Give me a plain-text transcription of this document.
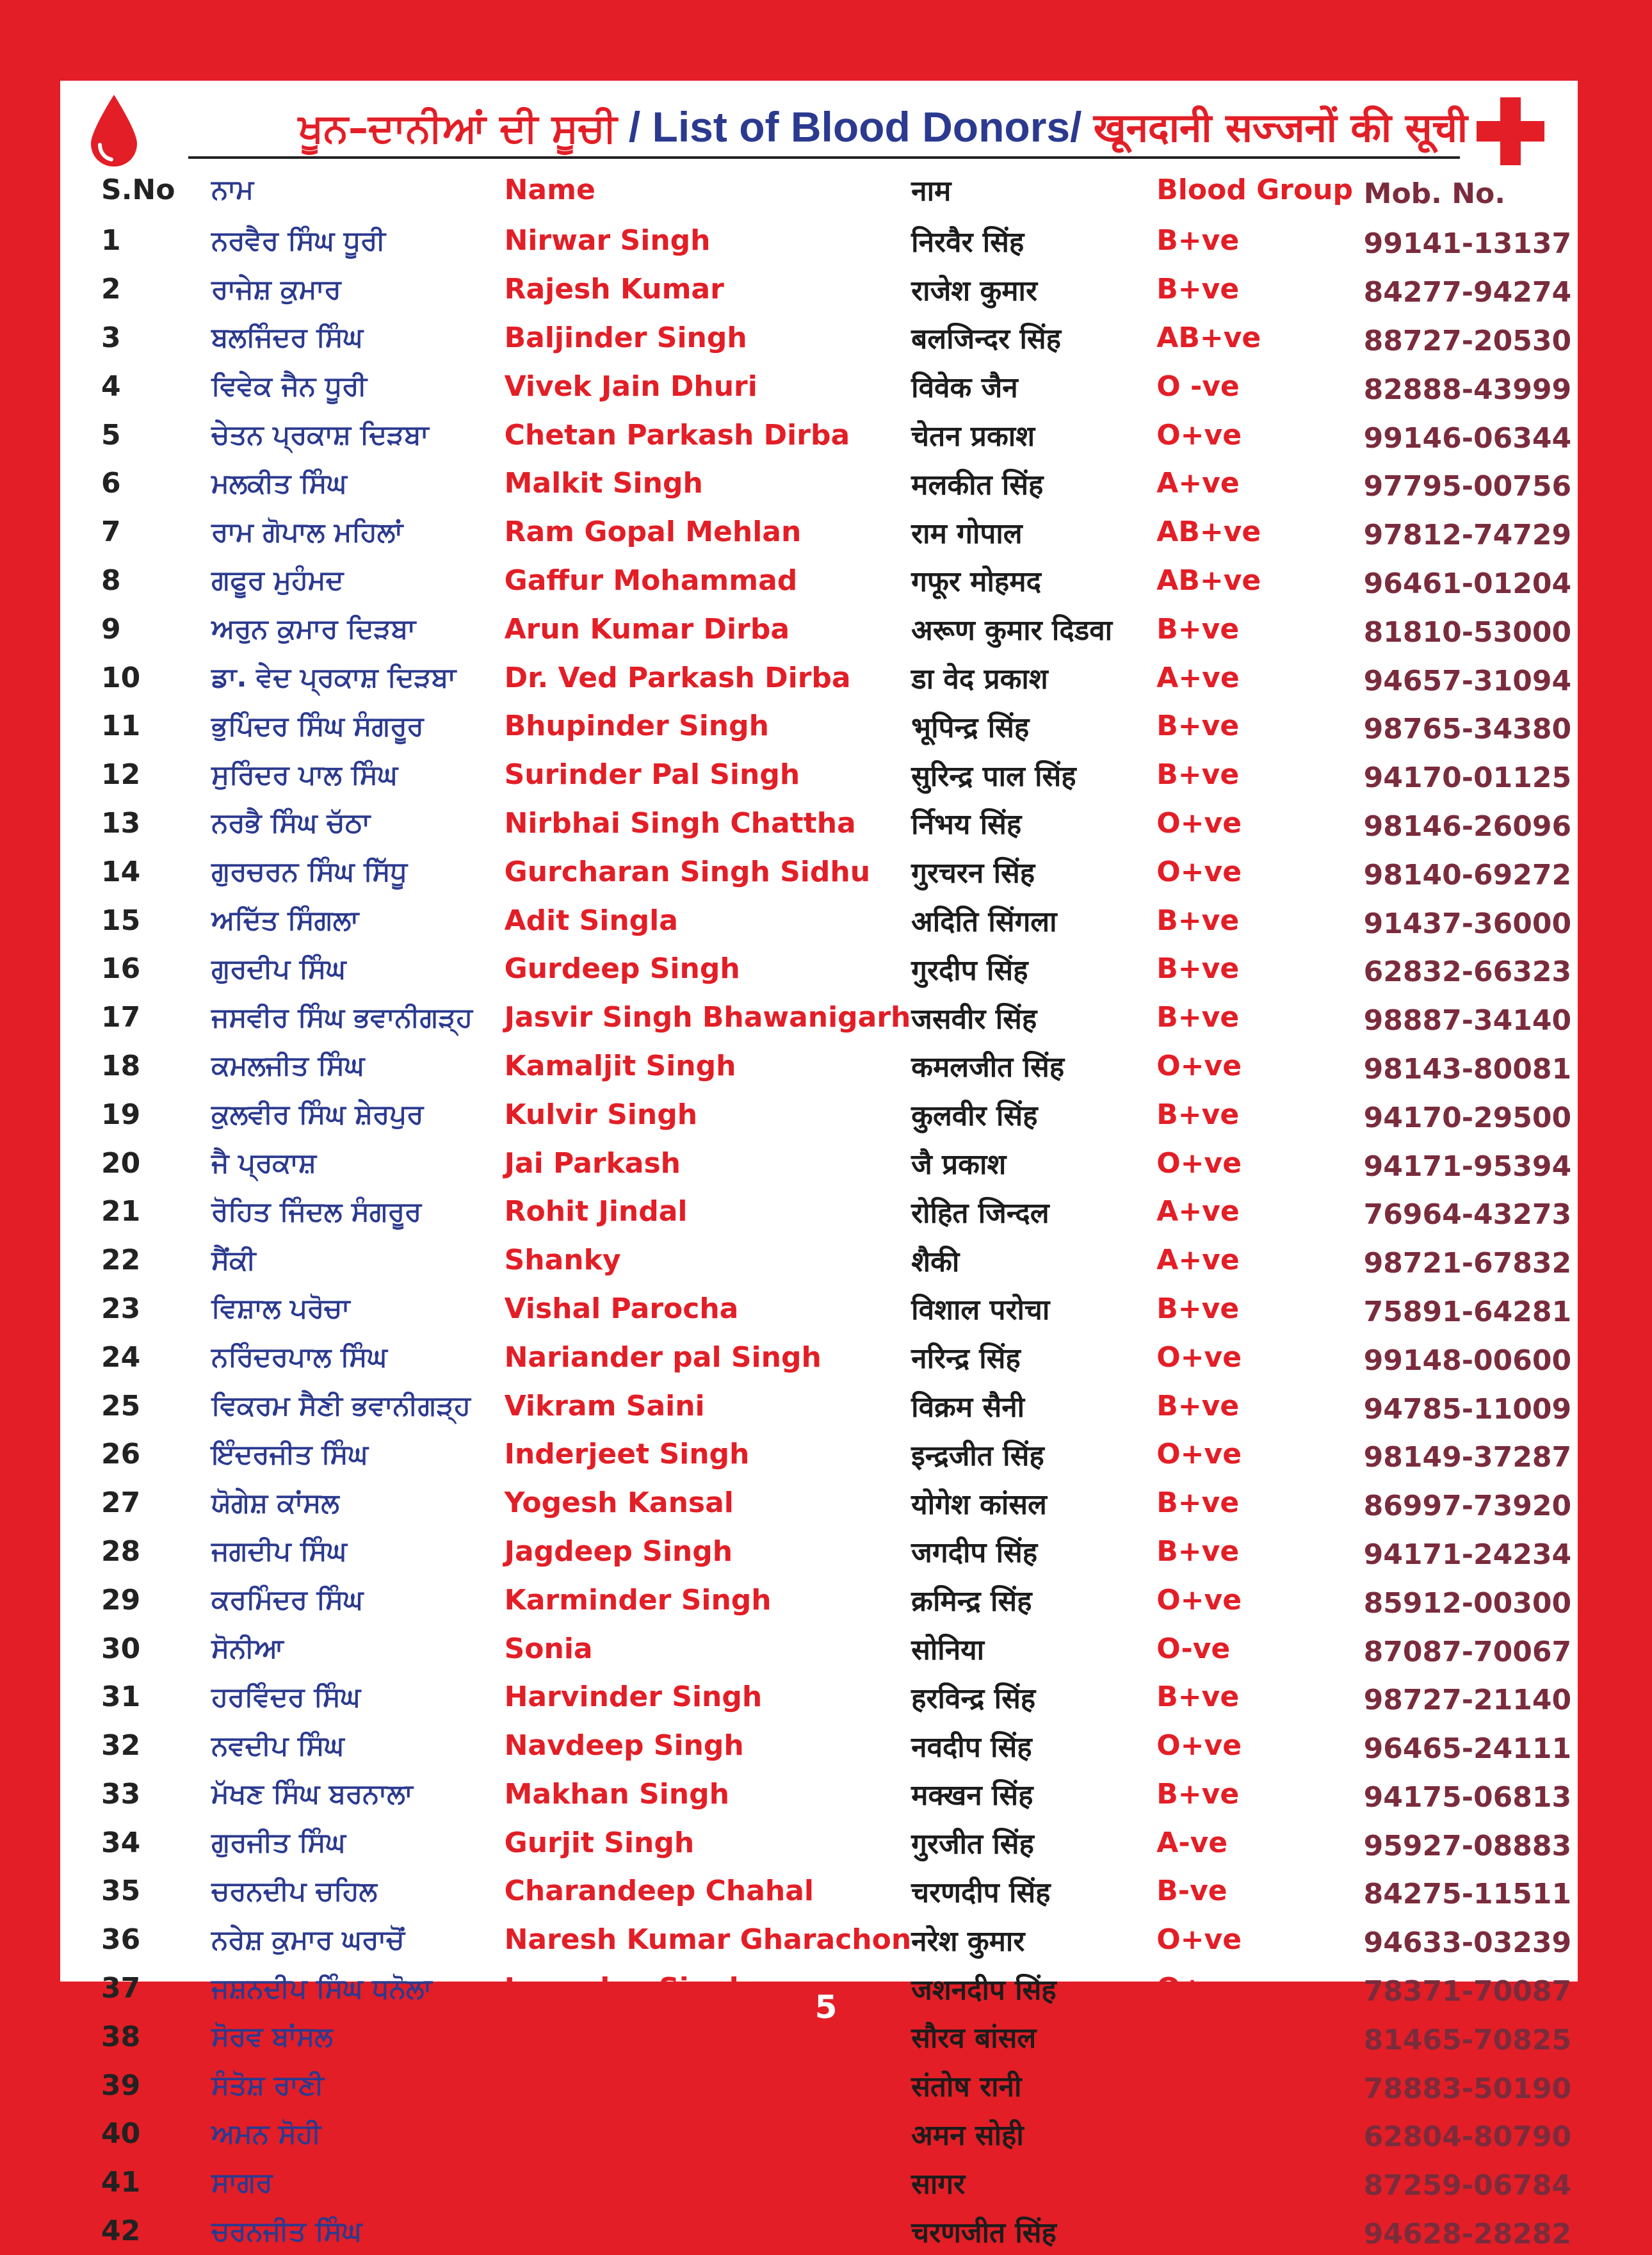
ਖੂਨ–ਦਾਨੀਆਂ ਦੀ ਸੂਚੀ / List of Blood Donors/ खूनदानी सज्जनों की सूची
S.No	ਨਾਮ	Name	नाम	Blood Group	Mob. No.
1	ਨਰਵੈਰ ਸਿੰਘ ਧੂਰੀ	Nirwar Singh	निरवैर सिंह	B+ve	99141-13137
2	ਰਾਜੇਸ਼ ਕੁਮਾਰ	Rajesh Kumar	राजेश कुमार	B+ve	84277-94274
3	ਬਲਜਿੰਦਰ ਸਿੰਘ	Baljinder Singh	बलजिन्दर सिंह	AB+ve	88727-20530
4	ਵਿਵੇਕ ਜੈਨ ਧੂਰੀ	Vivek Jain Dhuri	विवेक जैन	O -ve	82888-43999
5	ਚੇਤਨ ਪ੍ਰਕਾਸ਼ ਦਿੜਬਾ	Chetan Parkash Dirba	चेतन प्रकाश	O+ve	99146-06344
6	ਮਲਕੀਤ ਸਿੰਘ	Malkit Singh	मलकीत सिंह	A+ve	97795-00756
7	ਰਾਮ ਗੋਪਾਲ ਮਹਿਲਾਂ	Ram Gopal Mehlan	राम गोपाल	AB+ve	97812-74729
8	ਗਫੂਰ ਮੁਹੰਮਦ	Gaffur Mohammad	गफूर मोहमद	AB+ve	96461-01204
9	ਅਰੁਨ ਕੁਮਾਰ ਦਿੜਬਾ	Arun Kumar Dirba	अरूण कुमार दिडवा	B+ve	81810-53000
10	ਡਾ. ਵੇਦ ਪ੍ਰਕਾਸ਼ ਦਿੜਬਾ	Dr. Ved Parkash Dirba	डा वेद प्रकाश	A+ve	94657-31094
11	ਭੁਪਿੰਦਰ ਸਿੰਘ ਸੰਗਰੂਰ	Bhupinder Singh	भूपिन्द्र सिंह	B+ve	98765-34380
12	ਸੁਰਿੰਦਰ ਪਾਲ ਸਿੰਘ	Surinder Pal Singh	सुरिन्द्र पाल सिंह	B+ve	94170-01125
13	ਨਰਭੈ ਸਿੰਘ ਚੱਠਾ	Nirbhai Singh Chattha	र्निभय सिंह	O+ve	98146-26096
14	ਗੁਰਚਰਨ ਸਿੰਘ ਸਿੱਧੂ	Gurcharan Singh Sidhu	गुरचरन सिंह	O+ve	98140-69272
15	ਅਦਿੱਤ ਸਿੰਗਲਾ	Adit Singla	अदिति सिंगला	B+ve	91437-36000
16	ਗੁਰਦੀਪ ਸਿੰਘ	Gurdeep Singh	गुरदीप सिंह	B+ve	62832-66323
17	ਜਸਵੀਰ ਸਿੰਘ ਭਵਾਨੀਗੜ੍ਹ	Jasvir Singh Bhawanigarh	जसवीर सिंह	B+ve	98887-34140
18	ਕਮਲਜੀਤ ਸਿੰਘ	Kamaljit Singh	कमलजीत सिंह	O+ve	98143-80081
19	ਕੁਲਵੀਰ ਸਿੰਘ ਸ਼ੇਰਪੁਰ	Kulvir Singh	कुलवीर सिंह	B+ve	94170-29500
20	ਜੈ ਪ੍ਰਕਾਸ਼	Jai Parkash	जै प्रकाश	O+ve	94171-95394
21	ਰੋਹਿਤ ਜਿੰਦਲ ਸੰਗਰੂਰ	Rohit Jindal	रोहित जिन्दल	A+ve	76964-43273
22	ਸੈਂਕੀ	Shanky	शैकी	A+ve	98721-67832
23	ਵਿਸ਼ਾਲ ਪਰੋਚਾ	Vishal Parocha	विशाल परोचा	B+ve	75891-64281
24	ਨਰਿੰਦਰਪਾਲ ਸਿੰਘ	Nariander pal Singh	नरिन्द्र सिंह	O+ve	99148-00600
25	ਵਿਕਰਮ ਸੈਣੀ ਭਵਾਨੀਗੜ੍ਹ	Vikram Saini	विक्रम सैनी	B+ve	94785-11009
26	ਇੰਦਰਜੀਤ ਸਿੰਘ	Inderjeet Singh	इन्द्रजीत सिंह	O+ve	98149-37287
27	ਯੋਗੇਸ਼ ਕਾਂਸਲ	Yogesh Kansal	योगेश कांसल	B+ve	86997-73920
28	ਜਗਦੀਪ ਸਿੰਘ	Jagdeep Singh	जगदीप सिंह	B+ve	94171-24234
29	ਕਰਮਿੰਦਰ ਸਿੰਘ	Karminder Singh	क्रमिन्द्र सिंह	O+ve	85912-00300
30	ਸੋਨੀਆ	Sonia	सोनिया	O-ve	87087-70067
31	ਹਰਵਿੰਦਰ ਸਿੰਘ	Harvinder Singh	हरविन्द्र सिंह	B+ve	98727-21140
32	ਨਵਦੀਪ ਸਿੰਘ	Navdeep Singh	नवदीप सिंह	O+ve	96465-24111
33	ਮੱਖਣ ਸਿੰਘ ਬਰਨਾਲਾ	Makhan Singh	मक्खन सिंह	B+ve	94175-06813
34	ਗੁਰਜੀਤ ਸਿੰਘ	Gurjit Singh	गुरजीत सिंह	A-ve	95927-08883
35	ਚਰਨਦੀਪ ਚਹਿਲ	Charandeep Chahal	चरणदीप सिंह	B-ve	84275-11511
36	ਨਰੇਸ਼ ਕੁਮਾਰ ਘਰਾਚੋਂ	Naresh Kumar Gharachon	नरेश कुमार	O+ve	94633-03239
37	ਜਸ਼ਨਦੀਪ ਸਿੰਘ ਧਨੋਲਾ	Jasandep Singh	जशनदीप सिंह	O+ve	78371-70087
38	ਸੋਰਵ ਬਾਂਸਲ	Saurav Bansal	सौरव बांसल	AB+ve	81465-70825
39	ਸੰਤੋਸ਼ ਰਾਣੀ	Santosh Rani	संतोष रानी	B+ve	78883-50190
40	ਅਮਨ ਸੋਹੀ	Aman Sohi	अमन सोही	B+ve	62804-80790
41	ਸਾਗਰ	Sagar	सागर	A+ve	87259-06784
42	ਚਰਨਜੀਤ ਸਿੰਘ	Charanjit Singh	चरणजीत सिंह	B+ve	94628-28282
5
